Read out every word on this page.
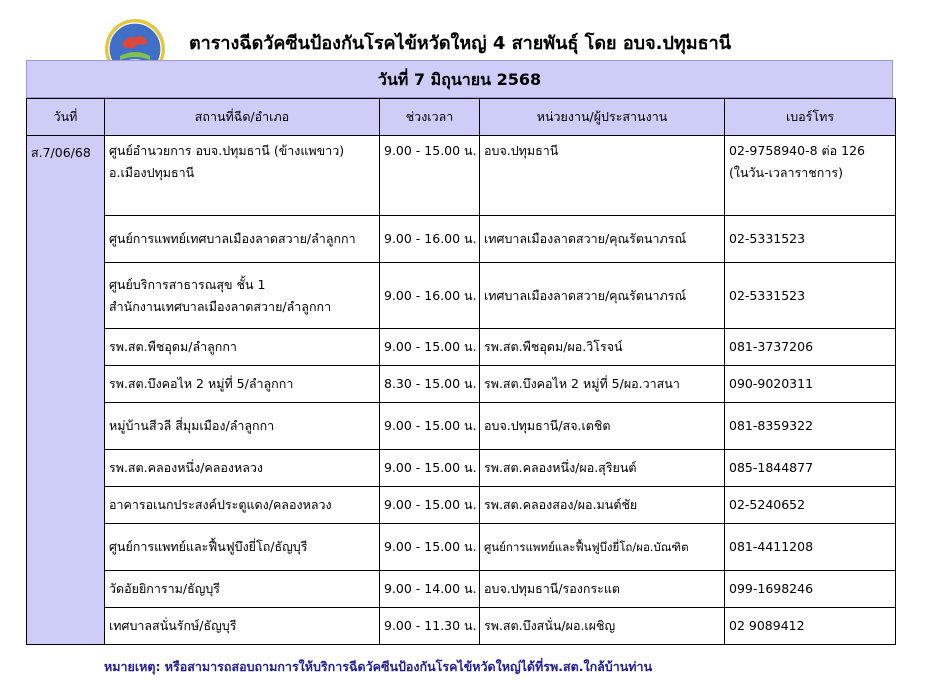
ตารางฉีดวัคซีนป้องกันโรคไข้หวัดใหญ่ 4 สายพันธุ์ โดย อบจ.ปทุมธานี
วันที่ 7 มิถุนายน 2568
วันที่	สถานที่ฉีด/อำเภอ	ช่วงเวลา	หน่วยงาน/ผู้ประสานงาน	เบอร์โทร
ส.7/06/68	ศูนย์อำนวยการ อบจ.ปทุมธานี (ข้างแพขาว)
อ.เมืองปทุมธานี	9.00 - 15.00 น.	อบจ.ปทุมธานี	02-9758940-8 ต่อ 126
(ในวัน-เวลาราชการ)
	ศูนย์การแพทย์เทศบาลเมืองลาดสวาย/ลำลูกกา	9.00 - 16.00 น.	เทศบาลเมืองลาดสวาย/คุณรัตนาภรณ์	02-5331523
	ศูนย์บริการสาธารณสุข ชั้น 1
สำนักงานเทศบาลเมืองลาดสวาย/ลำลูกกา	9.00 - 16.00 น.	เทศบาลเมืองลาดสวาย/คุณรัตนาภรณ์	02-5331523
	รพ.สต.พืชอุดม/ลำลูกกา	9.00 - 15.00 น.	รพ.สต.พืชอุดม/ผอ.วิโรจน์	081-3737206
	รพ.สต.บึงคอไห 2 หมู่ที่ 5/ลำลูกกา	8.30 - 15.00 น.	รพ.สต.บึงคอไห 2 หมู่ที่ 5/ผอ.วาสนา	090-9020311
	หมู่บ้านสีวลี สี่มุมเมือง/ลำลูกกา	9.00 - 15.00 น.	อบจ.ปทุมธานี/สจ.เตชิต	081-8359322
	รพ.สต.คลองหนึ่ง/คลองหลวง	9.00 - 15.00 น.	รพ.สต.คลองหนึ่ง/ผอ.สุริยนต์	085-1844877
	อาคารอเนกประสงค์ประตูแดง/คลองหลวง	9.00 - 15.00 น.	รพ.สต.คลองสอง/ผอ.มนต์ชัย	02-5240652
	ศูนย์การแพทย์และฟื้นฟูบึงยี่โถ/ธัญบุรี	9.00 - 15.00 น.	ศูนย์การแพทย์และฟื้นฟูบึงยี่โถ/ผอ.บัณฑิต	081-4411208
	วัดอัยยิการาม/ธัญบุรี	9.00 - 14.00 น.	อบจ.ปทุมธานี/รองกระแต	099-1698246
	เทศบาลสนั่นรักษ์/ธัญบุรี	9.00 - 11.30 น.	รพ.สต.บึงสนั่น/ผอ.เผชิญ	02 9089412
หมายเหตุ: หรือสามารถสอบถามการให้บริการฉีดวัคซีนป้องกันโรคไข้หวัดใหญ่ได้ที่รพ.สต.ใกล้บ้านท่าน
